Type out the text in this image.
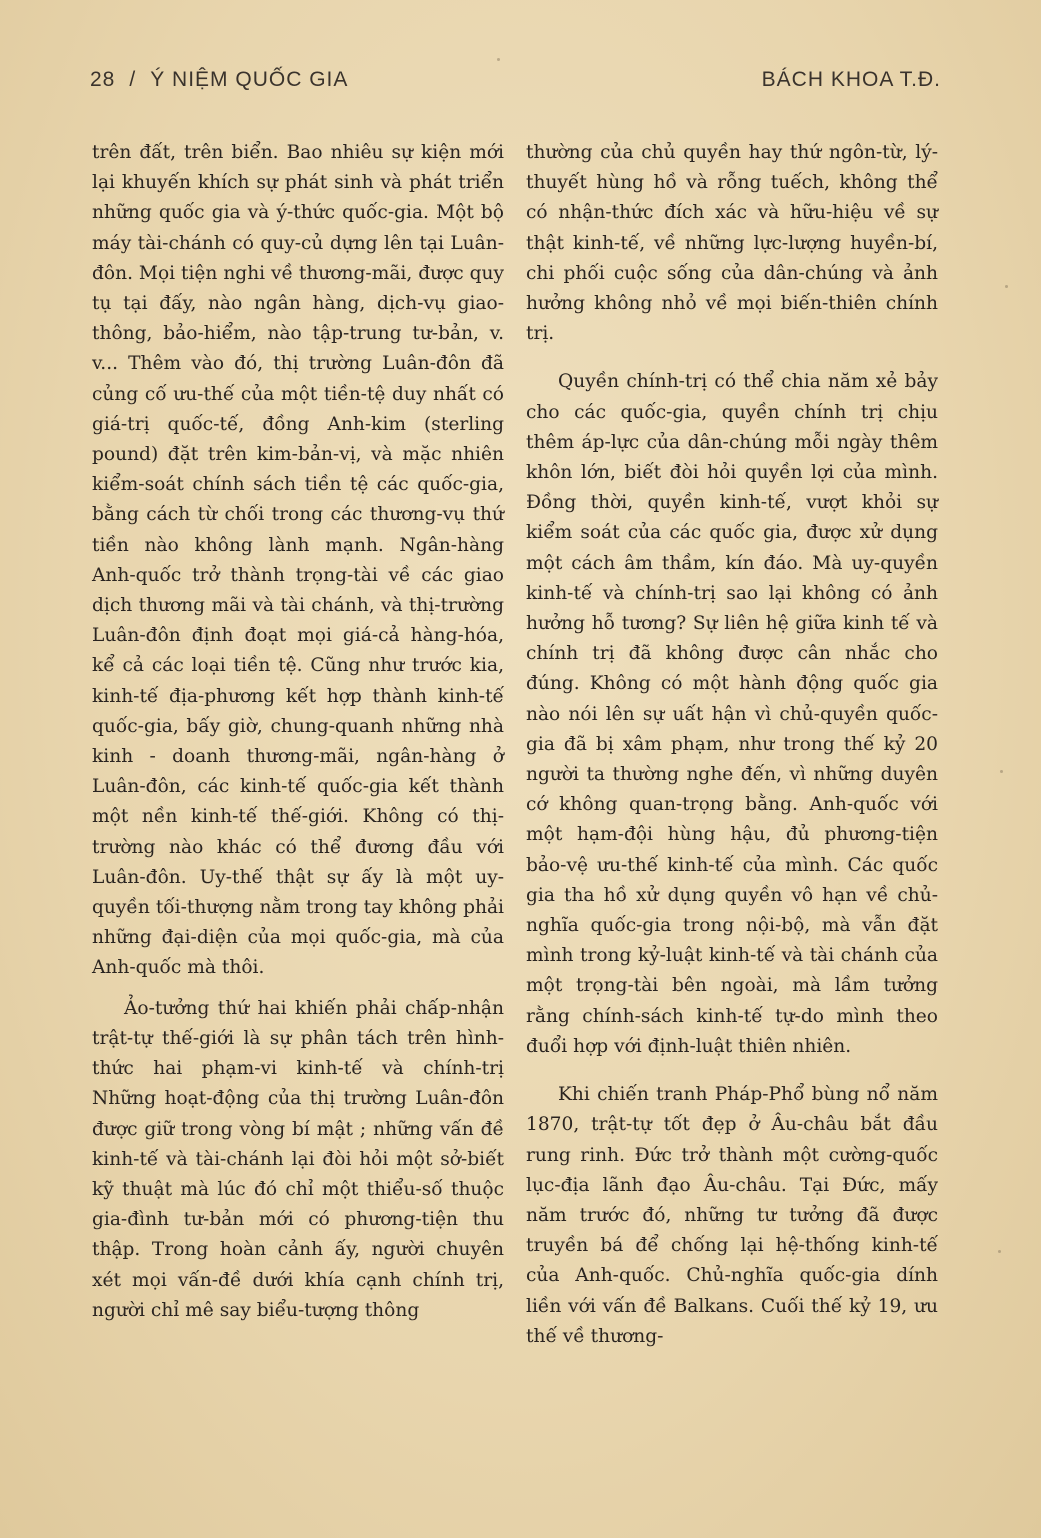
28 / Ý NIỆM QUỐC GIA	BÁCH KHOA T.Đ.

trên đất, trên biển. Bao nhiêu sự kiện mới lại khuyến khích sự phát sinh và phát triển những quốc gia và ý-thức quốc-gia. Một bộ máy tài-chánh có quy-củ dựng lên tại Luân-đôn. Mọi tiện nghi về thương-mãi, được quy tụ tại đấy, nào ngân hàng, dịch-vụ giao-thông, bảo-hiểm, nào tập-trung tư-bản, v. v... Thêm vào đó, thị trường Luân-đôn đã củng cố ưu-thế của một tiền-tệ duy nhất có giá-trị quốc-tế, đồng Anh-kim (sterling pound) đặt trên kim-bản-vị, và mặc nhiên kiểm-soát chính sách tiền tệ các quốc-gia, bằng cách từ chối trong các thương-vụ thứ tiền nào không lành mạnh. Ngân-hàng Anh-quốc trở thành trọng-tài về các giao dịch thương mãi và tài chánh, và thị-trường Luân-đôn định đoạt mọi giá-cả hàng-hóa, kể cả các loại tiền tệ. Cũng như trước kia, kinh-tế địa-phương kết hợp thành kinh-tế quốc-gia, bấy giờ, chung-quanh những nhà kinh - doanh thương-mãi, ngân-hàng ở Luân-đôn, các kinh-tế quốc-gia kết thành một nền kinh-tế thế-giới. Không có thị-trường nào khác có thể đương đầu với Luân-đôn. Uy-thế thật sự ấy là một uy-quyền tối-thượng nằm trong tay không phải những đại-diện của mọi quốc-gia, mà của Anh-quốc mà thôi.

Ảo-tưởng thứ hai khiến phải chấp-nhận trật-tự thế-giới là sự phân tách trên hình-thức hai phạm-vi kinh-tế và chính-trị Những hoạt-động của thị trường Luân-đôn được giữ trong vòng bí mật ; những vấn đề kinh-tế và tài-chánh lại đòi hỏi một sở-biết kỹ thuật mà lúc đó chỉ một thiểu-số thuộc gia-đình tư-bản mới có phương-tiện thu thập. Trong hoàn cảnh ấy, người chuyên xét mọi vấn-đề dưới khía cạnh chính trị, người chỉ mê say biểu-tượng thông

thường của chủ quyền hay thứ ngôn-từ, lý-thuyết hùng hồ và rỗng tuếch, không thể có nhận-thức đích xác và hữu-hiệu về sự thật kinh-tế, về những lực-lượng huyền-bí, chi phối cuộc sống của dân-chúng và ảnh hưởng không nhỏ về mọi biến-thiên chính trị.

Quyền chính-trị có thể chia năm xẻ bảy cho các quốc-gia, quyền chính trị chịu thêm áp-lực của dân-chúng mỗi ngày thêm khôn lớn, biết đòi hỏi quyền lợi của mình. Đồng thời, quyền kinh-tế, vượt khỏi sự kiểm soát của các quốc gia, được xử dụng một cách âm thầm, kín đáo. Mà uy-quyền kinh-tế và chính-trị sao lại không có ảnh hưởng hỗ tương? Sự liên hệ giữa kinh tế và chính trị đã không được cân nhắc cho đúng. Không có một hành động quốc gia nào nói lên sự uất hận vì chủ-quyền quốc-gia đã bị xâm phạm, như trong thế kỷ 20 người ta thường nghe đến, vì những duyên cớ không quan-trọng bằng. Anh-quốc với một hạm-đội hùng hậu, đủ phương-tiện bảo-vệ ưu-thế kinh-tế của mình. Các quốc gia tha hồ xử dụng quyền vô hạn về chủ-nghĩa quốc-gia trong nội-bộ, mà vẫn đặt mình trong kỷ-luật kinh-tế và tài chánh của một trọng-tài bên ngoài, mà lầm tưởng rằng chính-sách kinh-tế tự-do mình theo đuổi hợp với định-luật thiên nhiên.

Khi chiến tranh Pháp-Phổ bùng nổ năm 1870, trật-tự tốt đẹp ở Âu-châu bắt đầu rung rinh. Đức trở thành một cường-quốc lục-địa lãnh đạo Âu-châu. Tại Đức, mấy năm trước đó, những tư tưởng đã được truyền bá để chống lại hệ-thống kinh-tế của Anh-quốc. Chủ-nghĩa quốc-gia dính liền với vấn đề Balkans. Cuối thế kỷ 19, ưu thế về thương-
